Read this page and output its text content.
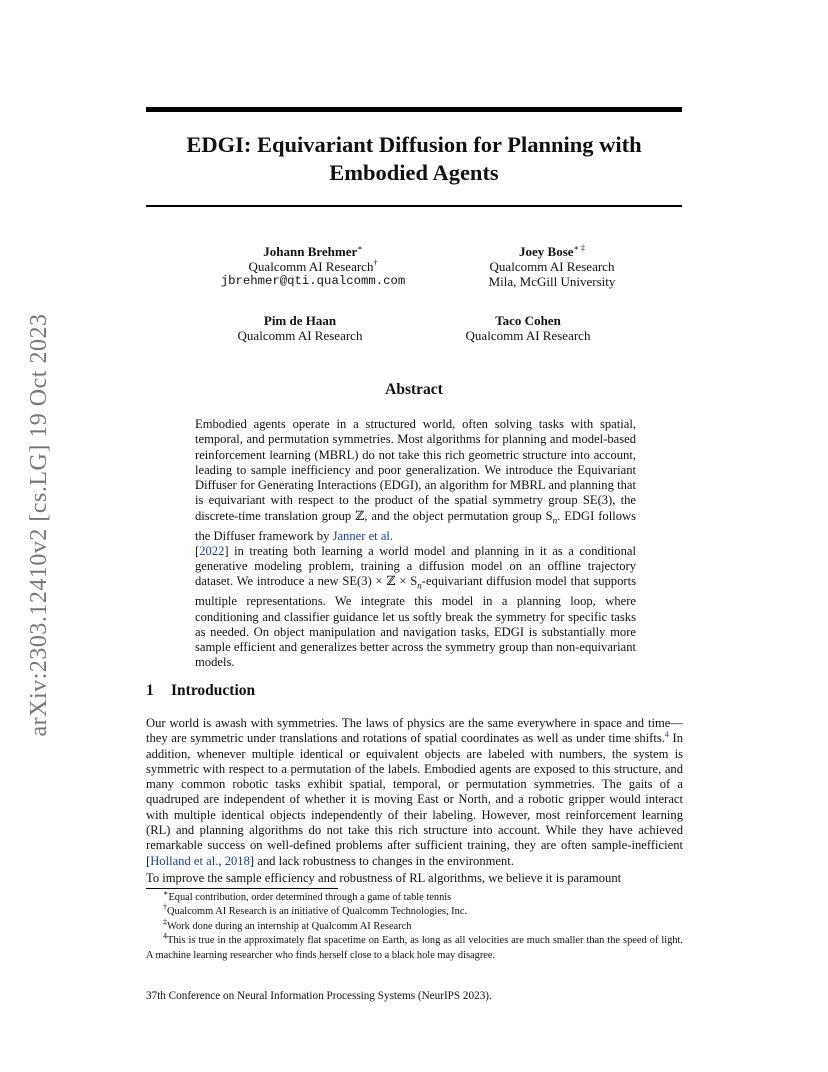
arXiv:2303.12410v2 [cs.LG] 19 Oct 2023
EDGI: Equivariant Diffusion for Planning with
Embodied Agents
Johann Brehmer∗
Qualcomm AI Research†
jbrehmer@qti.qualcomm.com
Joey Bose∗ ‡
Qualcomm AI Research
Mila, McGill University
Pim de Haan
Qualcomm AI Research
Taco Cohen
Qualcomm AI Research
Abstract
Embodied agents operate in a structured world, often solving tasks with spatial, temporal, and permutation symmetries. Most algorithms for planning and model-based reinforcement learning (MBRL) do not take this rich geometric structure into account, leading to sample inefficiency and poor generalization. We introduce the Equivariant Diffuser for Generating Interactions (EDGI), an algorithm for MBRL and planning that is equivariant with respect to the product of the spatial symmetry group SE(3), the discrete-time translation group ℤ, and the object permutation group $S_n$. EDGI follows the Diffuser framework by Janner et al.
[2022] in treating both learning a world model and planning in it as a conditional generative modeling problem, training a diffusion model on an offline trajectory dataset. We introduce a new SE(3) × ℤ × $S_n$-equivariant diffusion model that supports multiple representations. We integrate this model in a planning loop, where conditioning and classifier guidance let us softly break the symmetry for specific tasks as needed. On object manipulation and navigation tasks, EDGI is substantially more sample efficient and generalizes better across the symmetry group than non-equivariant models.
1 Introduction

Our world is awash with symmetries. The laws of physics are the same everywhere in space and time—they are symmetric under translations and rotations of spatial coordinates as well as under time shifts.$^4$ In addition, whenever multiple identical or equivalent objects are labeled with numbers, the system is symmetric with respect to a permutation of the labels. Embodied agents are exposed to this structure, and many common robotic tasks exhibit spatial, temporal, or permutation symmetries. The gaits of a quadruped are independent of whether it is moving East or North, and a robotic gripper would interact with multiple identical objects independently of their labeling. However, most reinforcement learning (RL) and planning algorithms do not take this rich structure into account. While they have achieved remarkable success on well-defined problems after sufficient training, they are often sample-inefficient [Holland et al., 2018] and lack robustness to changes in the environment.

To improve the sample efficiency and robustness of RL algorithms, we believe it is paramount

∗Equal contribution, order determined through a game of table tennis

†Qualcomm AI Research is an initiative of Qualcomm Technologies, Inc.

‡Work done during an internship at Qualcomm AI Research

$^4$This is true in the approximately flat spacetime on Earth, as long as all velocities are much smaller than the speed of light. A machine learning researcher who finds herself close to a black hole may disagree.

37th Conference on Neural Information Processing Systems (NeurIPS 2023).
